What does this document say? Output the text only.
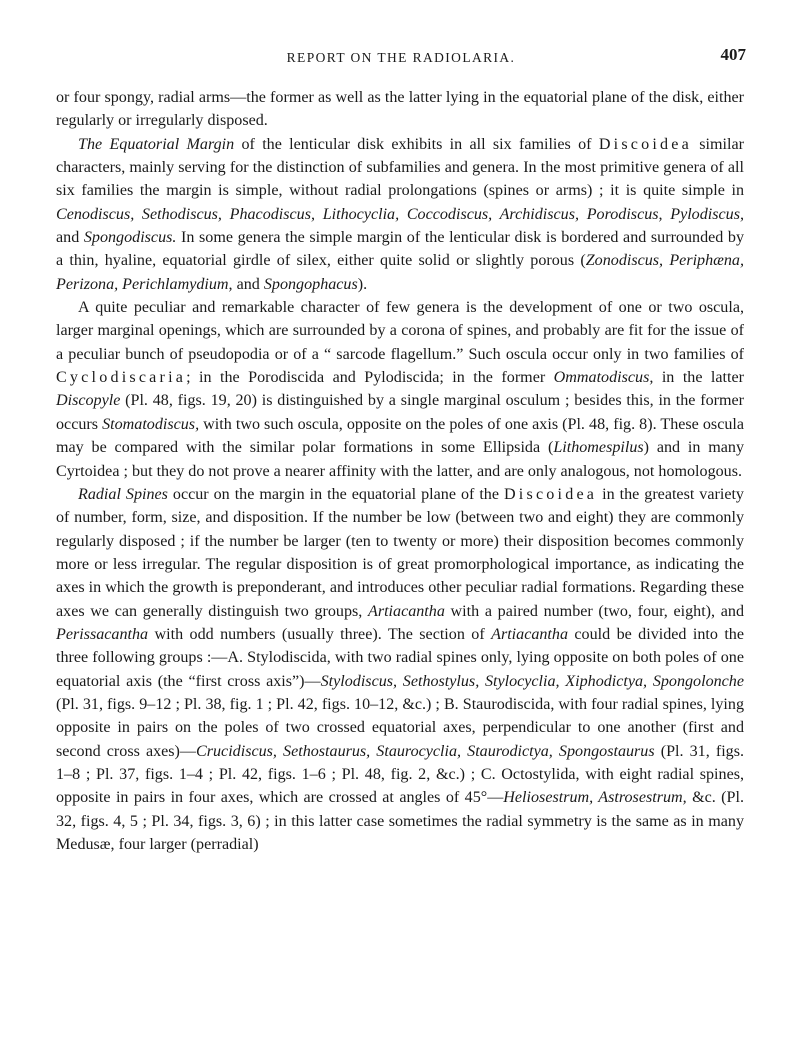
REPORT ON THE RADIOLARIA.	407

or four spongy, radial arms—the former as well as the latter lying in the equatorial plane of the disk, either regularly or irregularly disposed.

The Equatorial Margin of the lenticular disk exhibits in all six families of Discoidea similar characters, mainly serving for the distinction of subfamilies and genera. In the most primitive genera of all six families the margin is simple, without radial prolongations (spines or arms) ; it is quite simple in Cenodiscus, Sethodiscus, Phacodiscus, Lithocyclia, Coccodiscus, Archidiscus, Porodiscus, Pylodiscus, and Spongodiscus. In some genera the simple margin of the lenticular disk is bordered and surrounded by a thin, hyaline, equatorial girdle of silex, either quite solid or slightly porous (Zonodiscus, Periphæna, Perizona, Perichlamydium, and Spongophacus).

A quite peculiar and remarkable character of few genera is the development of one or two oscula, larger marginal openings, which are surrounded by a corona of spines, and probably are fit for the issue of a peculiar bunch of pseudopodia or of a “ sarcode flagellum.” Such oscula occur only in two families of Cyclodiscaria; in the Porodiscida and Pylodiscida; in the former Ommatodiscus, in the latter Discopyle (Pl. 48, figs. 19, 20) is distinguished by a single marginal osculum ; besides this, in the former occurs Stomatodiscus, with two such oscula, opposite on the poles of one axis (Pl. 48, fig. 8). These oscula may be compared with the similar polar formations in some Ellipsida (Lithomespilus) and in many Cyrtoidea ; but they do not prove a nearer affinity with the latter, and are only analogous, not homologous.

Radial Spines occur on the margin in the equatorial plane of the Discoidea in the greatest variety of number, form, size, and disposition. If the number be low (between two and eight) they are commonly regularly disposed ; if the number be larger (ten to twenty or more) their disposition becomes commonly more or less irregular. The regular disposition is of great promorphological importance, as indicating the axes in which the growth is preponderant, and introduces other peculiar radial formations. Regarding these axes we can generally distinguish two groups, Artiacantha with a paired number (two, four, eight), and Perissacantha with odd numbers (usually three). The section of Artiacantha could be divided into the three following groups :—A. Stylodiscida, with two radial spines only, lying opposite on both poles of one equatorial axis (the “first cross axis”)—Stylodiscus, Sethostylus, Stylocyclia, Xiphodictya, Spongolonche (Pl. 31, figs. 9–12 ; Pl. 38, fig. 1 ; Pl. 42, figs. 10–12, &c.) ; B. Staurodiscida, with four radial spines, lying opposite in pairs on the poles of two crossed equatorial axes, perpendicular to one another (first and second cross axes)—Crucidiscus, Sethostaurus, Staurocyclia, Staurodictya, Spongostaurus (Pl. 31, figs. 1–8 ; Pl. 37, figs. 1–4 ; Pl. 42, figs. 1–6 ; Pl. 48, fig. 2, &c.) ; C. Octostylida, with eight radial spines, opposite in pairs in four axes, which are crossed at angles of 45°—Heliosestrum, Astrosestrum, &c. (Pl. 32, figs. 4, 5 ; Pl. 34, figs. 3, 6) ; in this latter case sometimes the radial symmetry is the same as in many Medusæ, four larger (perradial)
